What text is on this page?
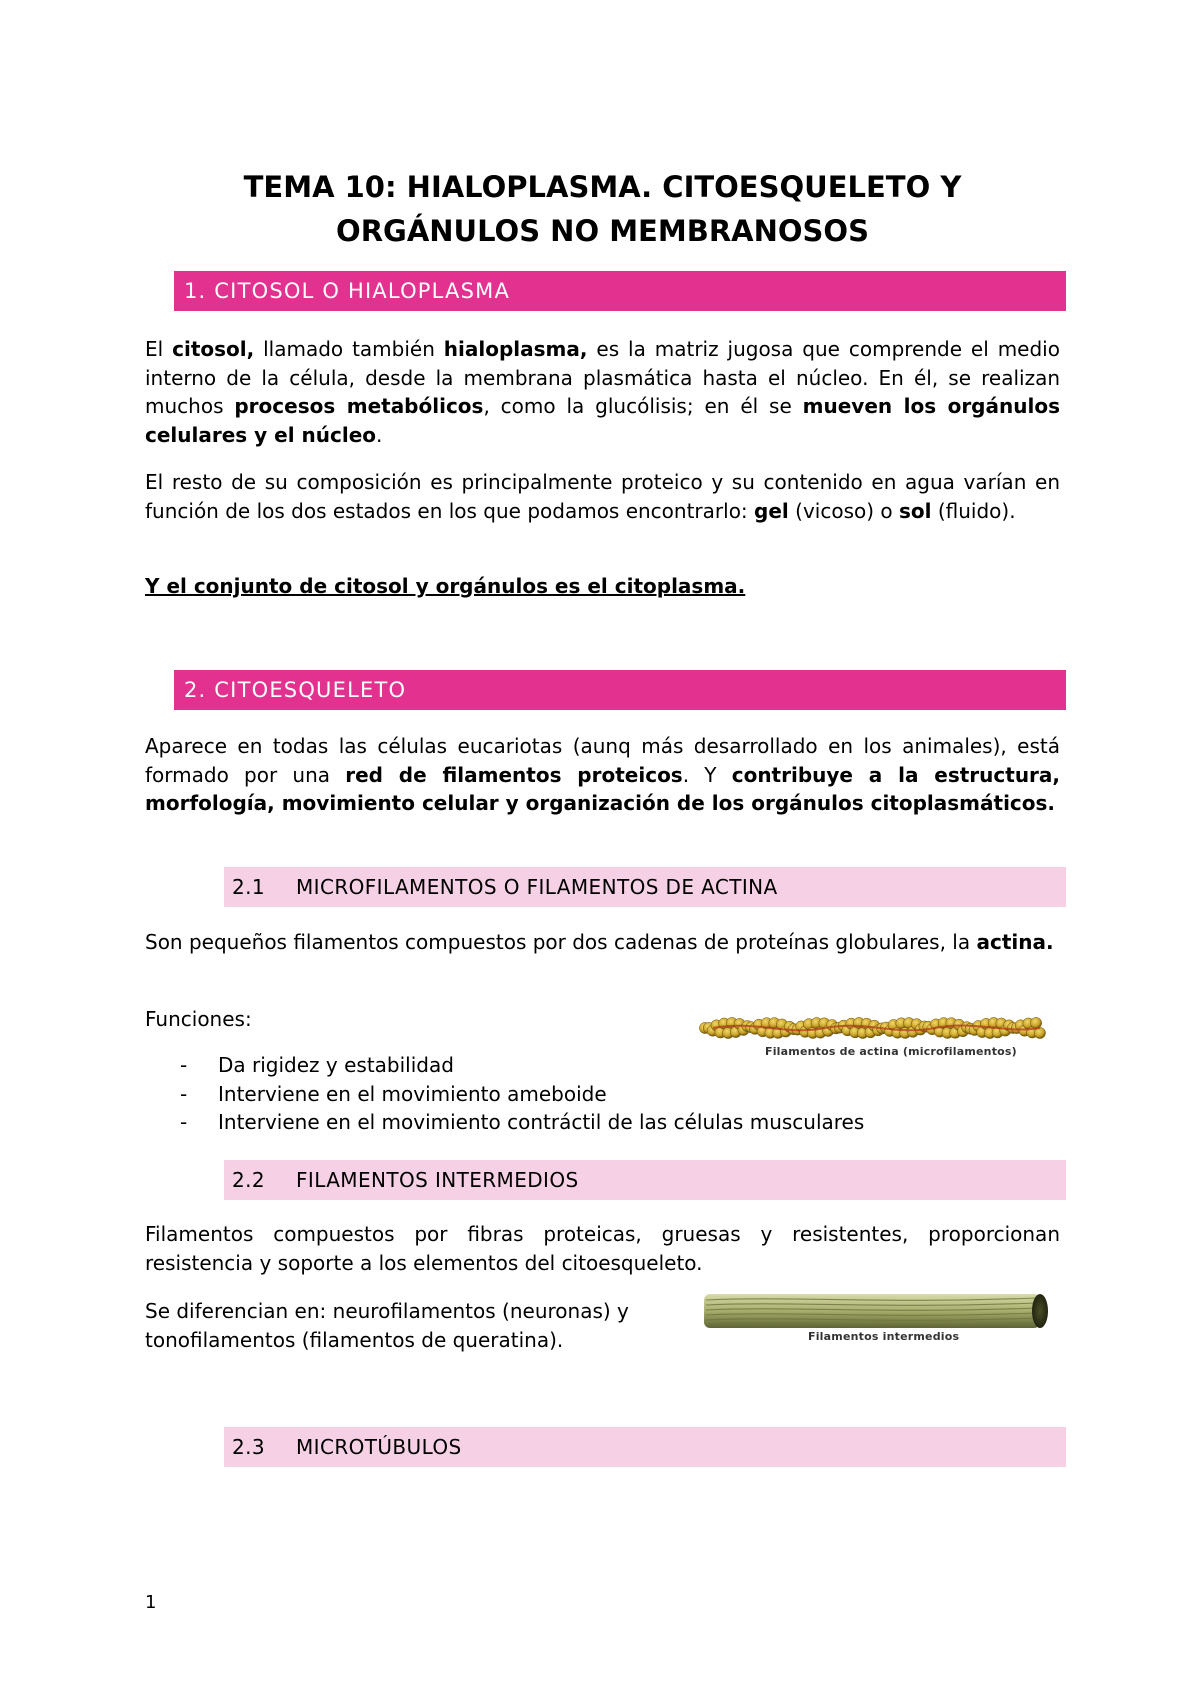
TEMA 10: HIALOPLASMA. CITOESQUELETO Y
ORGÁNULOS NO MEMBRANOSOS
1. CITOSOL O HIALOPLASMA

El citosol, llamado también hialoplasma, es la matriz jugosa que comprende el medio interno de la célula, desde la membrana plasmática hasta el núcleo. En él, se realizan muchos procesos metabólicos, como la glucólisis; en él se mueven los orgánulos celulares y el núcleo.

El resto de su composición es principalmente proteico y su contenido en agua varían en función de los dos estados en los que podamos encontrarlo: gel (vicoso) o sol (fluido).

Y el conjunto de citosol y orgánulos es el citoplasma.

2. CITOESQUELETO

Aparece en todas las células eucariotas (aunq más desarrollado en los animales), está formado por una red de filamentos proteicos. Y contribuye a la estructura, morfología, movimiento celular y organización de los orgánulos citoplasmáticos.

2.1 MICROFILAMENTOS O FILAMENTOS DE ACTINA

Son pequeños filamentos compuestos por dos cadenas de proteínas globulares, la actina.

Funciones:

- Da rigidez y estabilidad
- Interviene en el movimiento ameboide
- Interviene en el movimiento contráctil de las células musculares
Filamentos de actina (microfilamentos)
2.2 FILAMENTOS INTERMEDIOS

Filamentos compuestos por fibras proteicas, gruesas y resistentes, proporcionan resistencia y soporte a los elementos del citoesqueleto.

Se diferencian en: neurofilamentos (neuronas) y
tonofilamentos (filamentos de queratina).	Filamentos intermedios
2.3 MICROTÚBULOS
1
